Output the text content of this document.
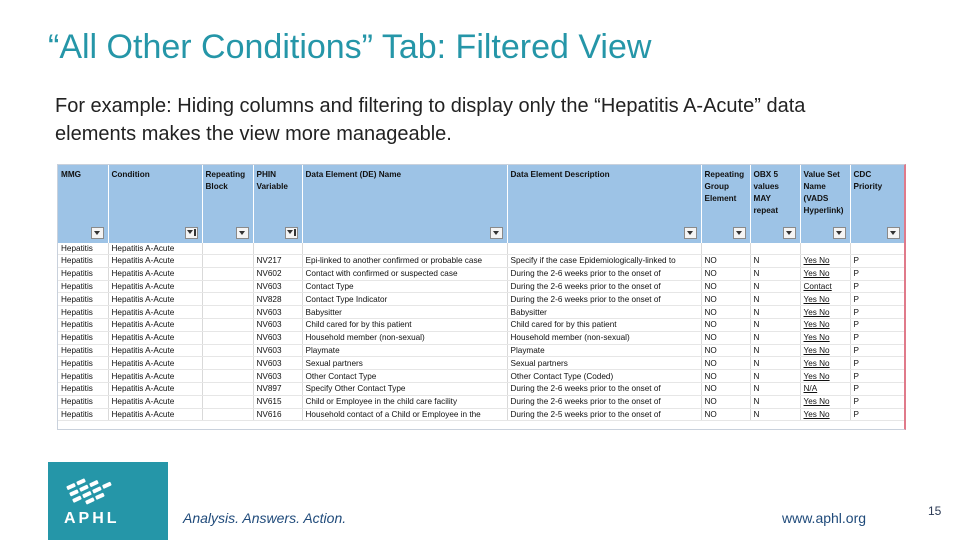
“All Other Conditions” Tab: Filtered View
For example: Hiding columns and filtering to display only the “Hepatitis A-Acute” data elements makes the view more manageable.
MMG	Condition	Repeating Block	PHIN Variable	Data Element (DE) Name	Data Element Description	Repeating Group Element	OBX 5 values MAY repeat	Value Set Name (VADS Hyperlink)	CDC Priority

Hepatitis	Hepatitis A-Acute								
Hepatitis	Hepatitis A-Acute		NV217	Epi-linked to another confirmed or probable case	Specify if the case Epidemiologically-linked to	NO	N	Yes No	P
Hepatitis	Hepatitis A-Acute		NV602	Contact with confirmed or suspected case	During the 2-6 weeks prior to the onset of	NO	N	Yes No	P
Hepatitis	Hepatitis A-Acute		NV603	Contact Type	During the 2-6 weeks prior to the onset of	NO	N	Contact	P
Hepatitis	Hepatitis A-Acute		NV828	Contact Type Indicator	During the 2-6 weeks prior to the onset of	NO	N	Yes No	P
Hepatitis	Hepatitis A-Acute		NV603	Babysitter	Babysitter	NO	N	Yes No	P
Hepatitis	Hepatitis A-Acute		NV603	Child cared for by this patient	Child cared for by this patient	NO	N	Yes No	P
Hepatitis	Hepatitis A-Acute		NV603	Household member (non-sexual)	Household member (non-sexual)	NO	N	Yes No	P
Hepatitis	Hepatitis A-Acute		NV603	Playmate	Playmate	NO	N	Yes No	P
Hepatitis	Hepatitis A-Acute		NV603	Sexual partners	Sexual partners	NO	N	Yes No	P
Hepatitis	Hepatitis A-Acute		NV603	Other Contact Type	Other Contact Type (Coded)	NO	N	Yes No	P
Hepatitis	Hepatitis A-Acute		NV897	Specify Other Contact Type	During the 2-6 weeks prior to the onset of	NO	N	N/A	P
Hepatitis	Hepatitis A-Acute		NV615	Child or Employee in the child care facility	During the 2-6 weeks prior to the onset of	NO	N	Yes No	P
Hepatitis	Hepatitis A-Acute		NV616	Household contact of a Child or Employee in the	During the 2-5 weeks prior to the onset of	NO	N	Yes No	P
APHL	Analysis. Answers. Action.	www.aphl.org	15
